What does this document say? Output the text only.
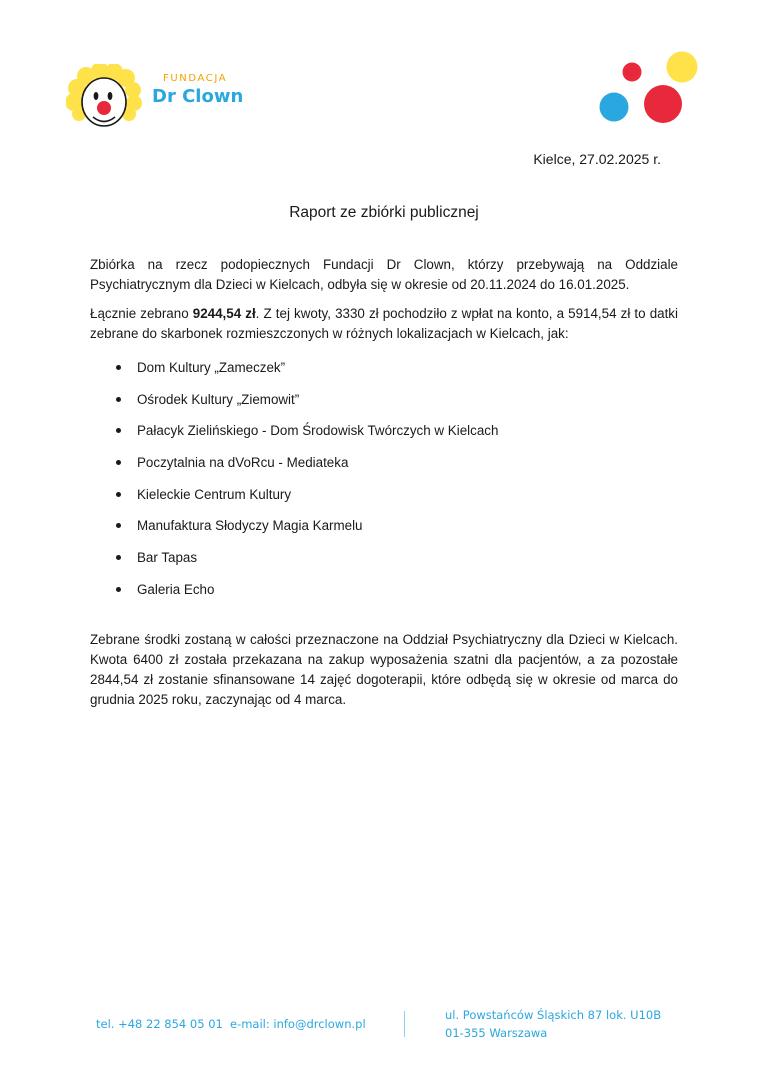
FUNDACJA
Dr Clown
Kielce, 27.02.2025 r.
Raport ze zbiórki publicznej
Zbiórka na rzecz podopiecznych Fundacji Dr Clown, którzy przebywają na Oddziale Psychiatrycznym dla Dzieci w Kielcach, odbyła się w okresie od 20.11.2024 do 16.01.2025.
Łącznie zebrano 9244,54 zł. Z tej kwoty, 3330 zł pochodziło z wpłat na konto, a 5914,54 zł to datki zebrane do skarbonek rozmieszczonych w różnych lokalizacjach w Kielcach, jak:
Dom Kultury „Zameczek”
Ośrodek Kultury „Ziemowit”
Pałacyk Zielińskiego - Dom Środowisk Twórczych w Kielcach
Poczytalnia na dVoRcu - Mediateka
Kieleckie Centrum Kultury
Manufaktura Słodyczy Magia Karmelu
Bar Tapas
Galeria Echo
Zebrane środki zostaną w całości przeznaczone na Oddział Psychiatryczny dla Dzieci w Kielcach. Kwota 6400 zł została przekazana na zakup wyposażenia szatni dla pacjentów, a za pozostałe 2844,54 zł zostanie sfinansowane 14 zajęć dogoterapii, które odbędą się w okresie od marca do grudnia 2025 roku, zaczynając od 4 marca.
tel. +48 22 854 05 01 e-mail: info@drclown.pl
ul. Powstańców Śląskich 87 lok. U10B
01-355 Warszawa
